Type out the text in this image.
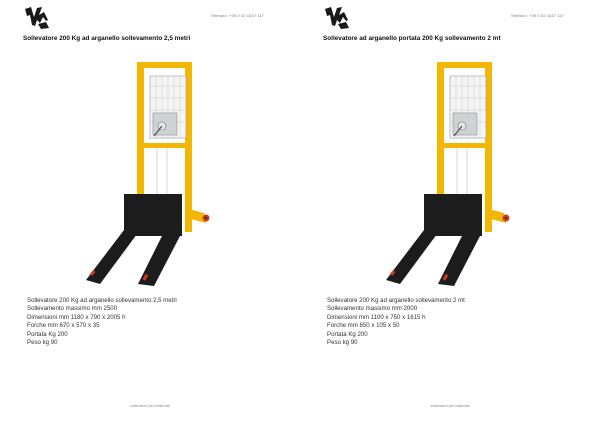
Telefono: +39 0 02 1837 117
Sollevatore 200 Kg ad arganello sollevamento 2,5 metri
Sollevatore 200 Kg ad arganello sollevamento 2,5 metri
Sollevamento massimo mm 2500
Dimensioni mm 1180 x 790 x 2005 h
Forche mm 670 x 570 x 35
Portata Kg 200
Peso kg 90
sollevatori per materiali
Telefono: +39 0 02 1837 117
Sollevatore ad arganello portata 200 Kg sollevamento 2 mt
Sollevatore 200 Kg ad arganello sollevamento 2 mt
Sollevamento massimo mm 2000
Dimensioni mm 1100 x 750 x 1615 h
Forche mm 650 x 105 x 50
Portata Kg 200
Peso kg 90
sollevatori per materiali
